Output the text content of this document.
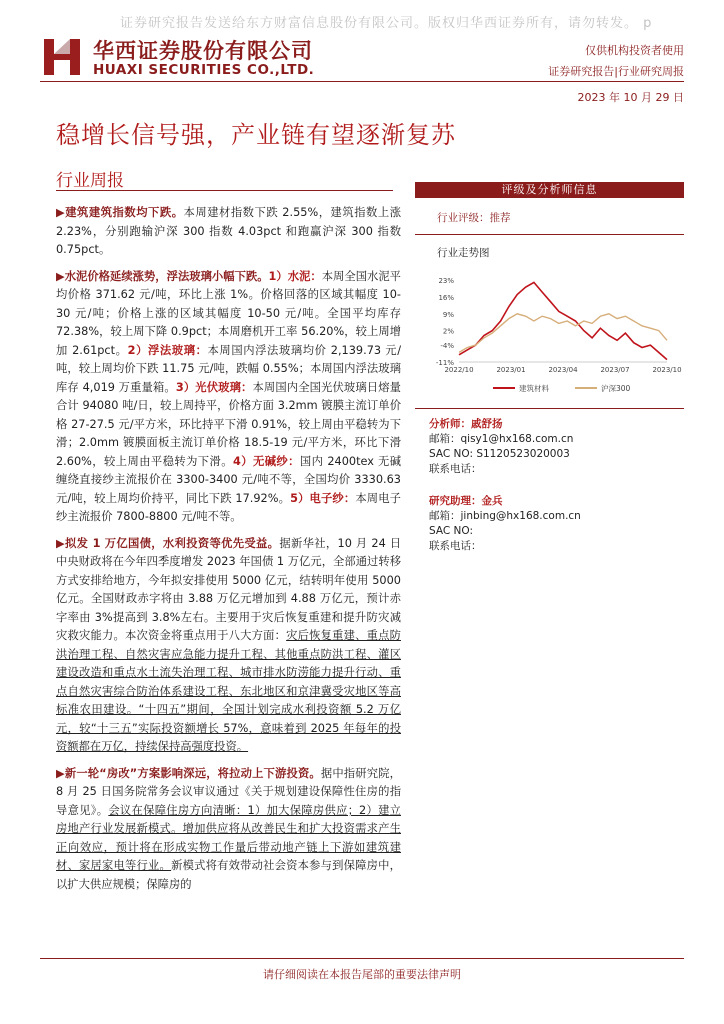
证券研究报告发送给东方财富信息股份有限公司。版权归华西证券所有，请勿转发。 p
华西证券股份有限公司
HUAXI SECURITIES CO.,LTD.
仅供机构投资者使用
证券研究报告|行业研究周报
2023 年 10 月 29 日
稳增长信号强，产业链有望逐渐复苏
行业周报

▶建筑建筑指数均下跌。本周建材指数下跌 2.55%，建筑指数上涨 2.23%，分别跑输沪深 300 指数 4.03pct 和跑赢沪深 300 指数 0.75pct。

▶水泥价格延续涨势，浮法玻璃小幅下跌。1）水泥：本周全国水泥平均价格 371.62 元/吨，环比上涨 1%。价格回落的区域其幅度 10-30 元/吨；价格上涨的区域其幅度 10-50 元/吨。全国平均库存 72.38%，较上周下降 0.9pct；本周磨机开工率 56.20%，较上周增加 2.61pct。2）浮法玻璃：本周国内浮法玻璃均价 2,139.73 元/吨，较上周均价下跌 11.75 元/吨，跌幅 0.55%；本周国内浮法玻璃库存 4,019 万重量箱。3）光伏玻璃：本周国内全国光伏玻璃日熔量合计 94080 吨/日，较上周持平，价格方面 3.2mm 镀膜主流订单价格 27-27.5 元/平方米，环比持平下滑 0.91%，较上周由平稳转为下滑；2.0mm 镀膜面板主流订单价格 18.5-19 元/平方米，环比下滑 2.60%，较上周由平稳转为下滑。4）无碱纱：国内 2400tex 无碱缠绕直接纱主流报价在 3300-3400 元/吨不等，全国均价 3330.63 元/吨，较上周均价持平，同比下跌 17.92%。5）电子纱：本周电子纱主流报价 7800-8800 元/吨不等。

▶拟发 1 万亿国债，水利投资等优先受益。据新华社，10 月 24 日中央财政将在今年四季度增发 2023 年国债 1 万亿元，全部通过转移方式安排给地方，今年拟安排使用 5000 亿元，结转明年使用 5000 亿元。全国财政赤字将由 3.88 万亿元增加到 4.88 万亿元，预计赤字率由 3%提高到 3.8%左右。主要用于灾后恢复重建和提升防灾减灾救灾能力。本次资金将重点用于八大方面：灾后恢复重建、重点防洪治理工程、自然灾害应急能力提升工程、其他重点防洪工程、灌区建设改造和重点水土流失治理工程、城市排水防涝能力提升行动、重点自然灾害综合防治体系建设工程、东北地区和京津冀受灾地区等高标准农田建设。“十四五”期间，全国计划完成水利投资额 5.2 万亿元，较“十三五”实际投资额增长 57%，意味着到 2025 年每年的投资额都在万亿，持续保持高强度投资。

▶新一轮“房改”方案影响深远，将拉动上下游投资。据中指研究院，8 月 25 日国务院常务会议审议通过《关于规划建设保障性住房的指导意见》。会议在保障住房方向清晰：1）加大保障房供应；2）建立房地产行业发展新模式。增加供应将从改善民生和扩大投资需求产生正向效应，预计将在形成实物工作量后带动地产链上下游如建筑建材、家居家电等行业。新模式将有效带动社会资本参与到保障房中，以扩大供应规模；保障房的

评级及分析师信息
行业评级：推荐
行业走势图
23%
16%
9%
2%
-4%
-11%
2022/10	2023/01	2023/04	2023/07	2023/10
建筑材料	沪深300
分析师：戚舒扬
邮箱：qisy1@hx168.com.cn
SAC NO: S1120523020003
联系电话：
研究助理：金兵
邮箱：jinbing@hx168.com.cn
SAC NO:
联系电话：
请仔细阅读在本报告尾部的重要法律声明
